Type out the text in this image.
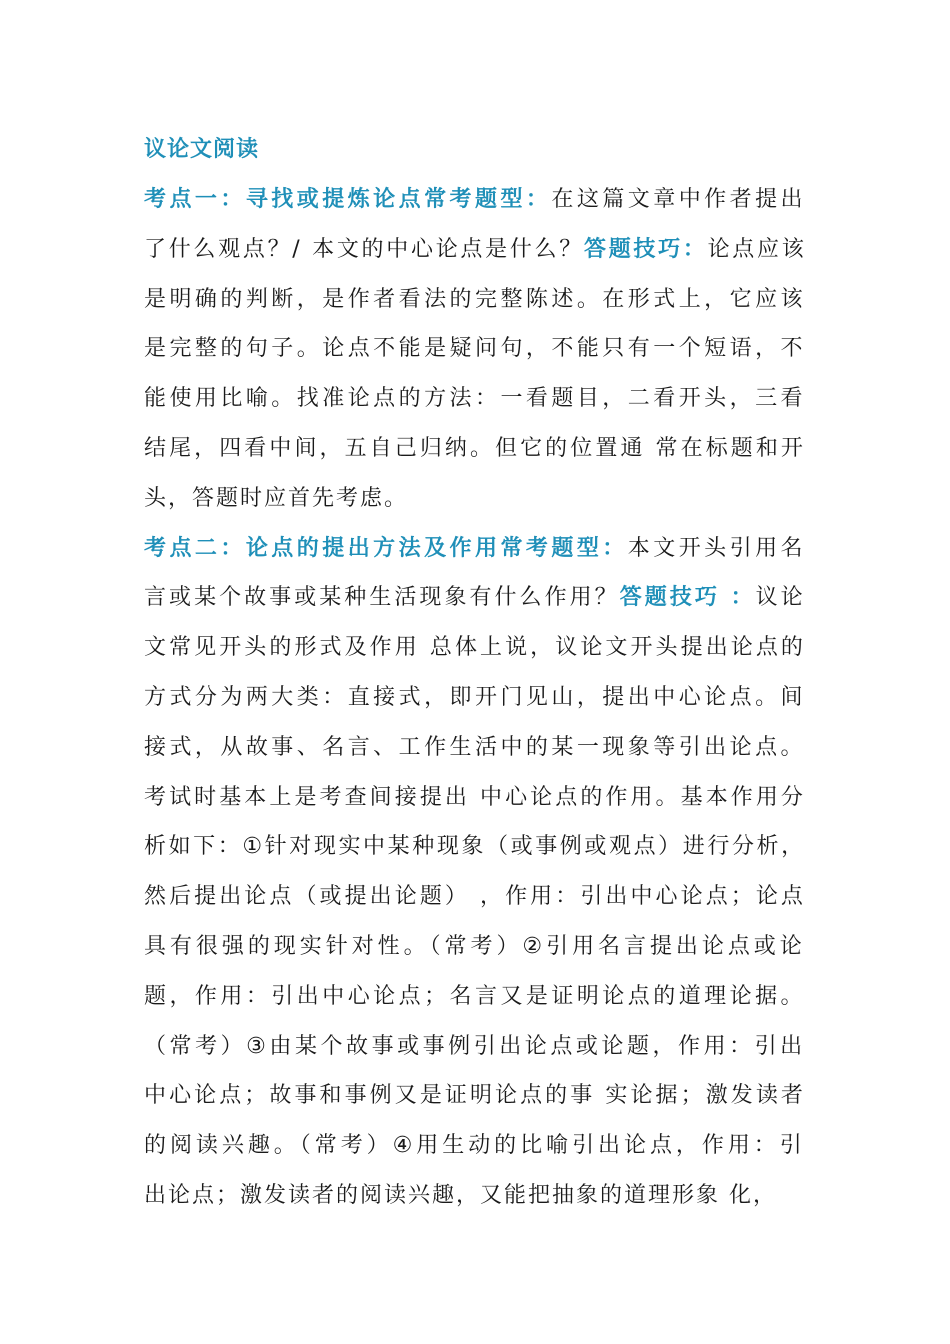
议论文阅读
考点一：寻找或提炼论点常考题型：在这篇文章中作者提出
了什么观点？/ 本文的中心论点是什么？答题技巧：论点应该
是明确的判断，是作者看法的完整陈述。在形式上，它应该
是完整的句子。论点不能是疑问句，不能只有一个短语，不
能使用比喻。找准论点的方法：一看题目，二看开头，三看
结尾，四看中间，五自己归纳。但它的位置通 常在标题和开
头，答题时应首先考虑。
考点二：论点的提出方法及作用常考题型：本文开头引用名
言或某个故事或某种生活现象有什么作用？答题技巧 ：议论
文常见开头的形式及作用 总体上说，议论文开头提出论点的
方式分为两大类：直接式，即开门见山，提出中心论点。间
接式，从故事、名言、工作生活中的某一现象等引出论点。
考试时基本上是考查间接提出 中心论点的作用。基本作用分
析如下：①针对现实中某种现象（或事例或观点）进行分析，
然后提出论点（或提出论题） ，作用：引出中心论点；论点
具有很强的现实针对性。（常考）②引用名言提出论点或论
题，作用：引出中心论点；名言又是证明论点的道理论据。
（常考）③由某个故事或事例引出论点或论题，作用：引出
中心论点；故事和事例又是证明论点的事 实论据；激发读者
的阅读兴趣。（常考）④用生动的比喻引出论点，作用：引
出论点；激发读者的阅读兴趣，又能把抽象的道理形象 化，
